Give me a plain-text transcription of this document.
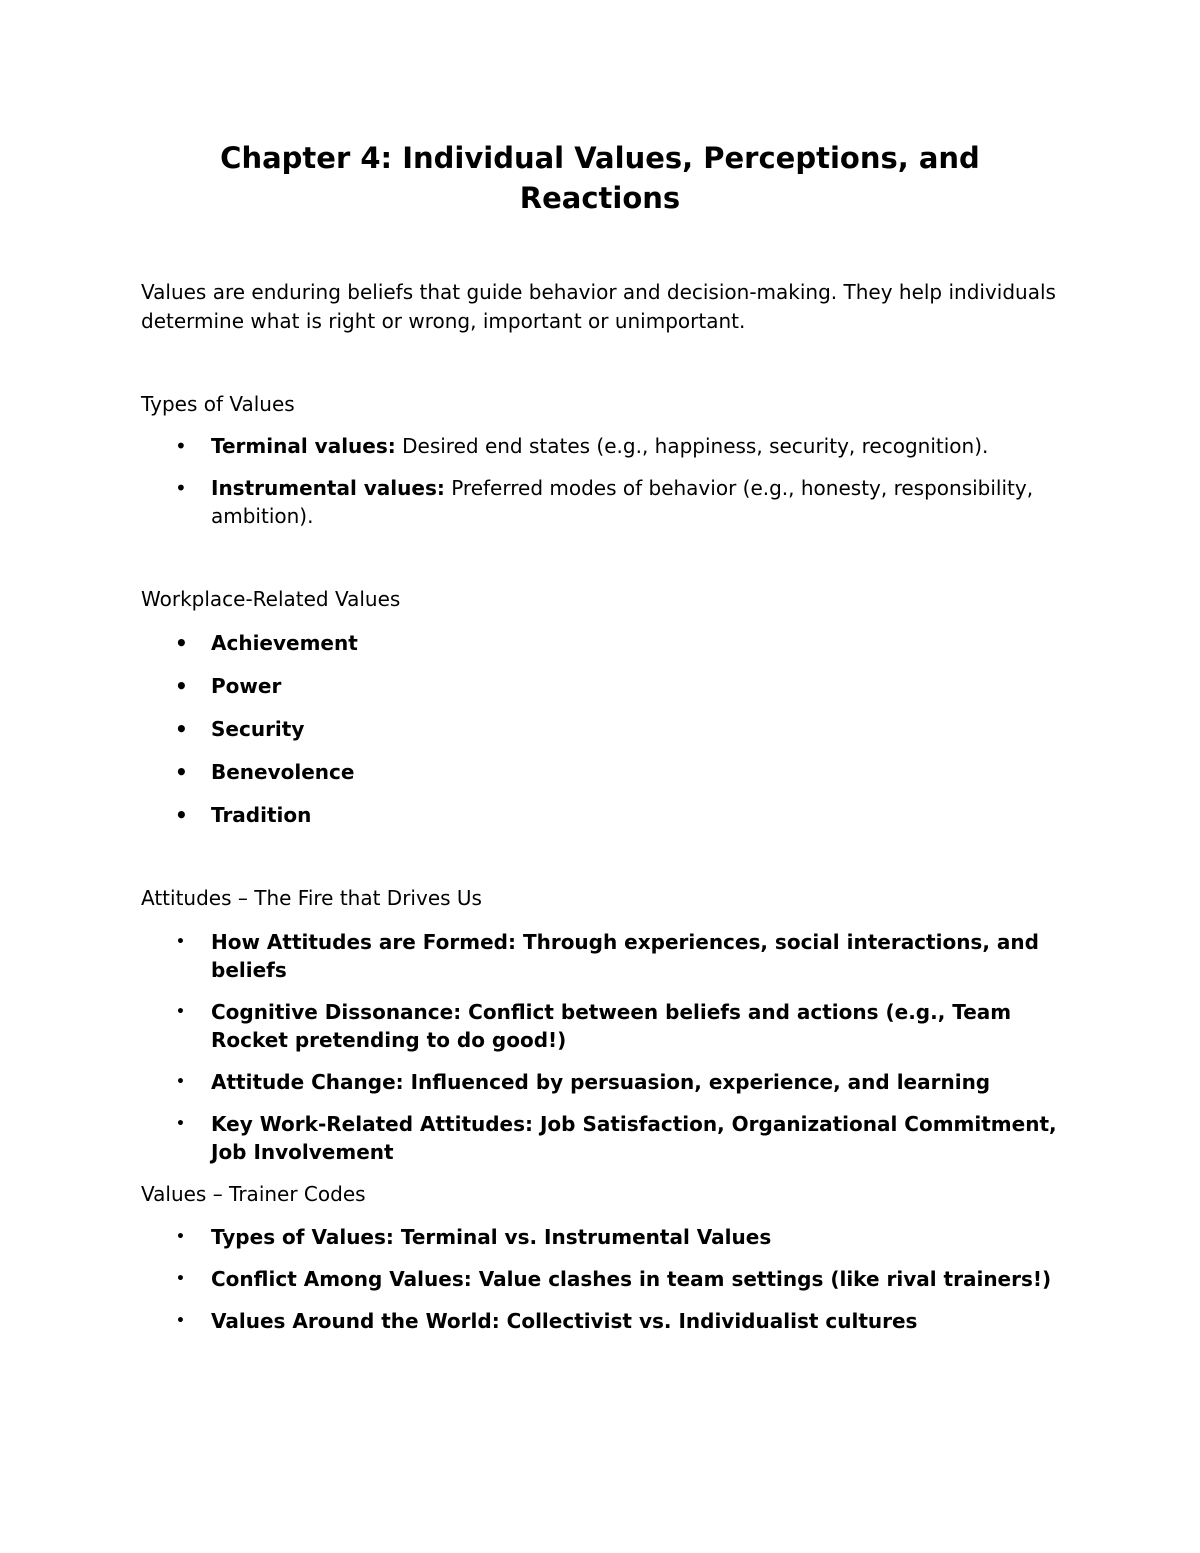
Chapter 4: Individual Values, Perceptions, and
Reactions

Values are enduring beliefs that guide behavior and decision-making. They help individuals determine what is right or wrong, important or unimportant.

Types of Values

• Terminal values: Desired end states (e.g., happiness, security, recognition).
• Instrumental values: Preferred modes of behavior (e.g., honesty, responsibility, ambition).

Workplace-Related Values

• Achievement
• Power
• Security
• Benevolence
• Tradition

Attitudes – The Fire that Drives Us

• How Attitudes are Formed: Through experiences, social interactions, and beliefs
• Cognitive Dissonance: Conflict between beliefs and actions (e.g., Team Rocket pretending to do good!)
• Attitude Change: Influenced by persuasion, experience, and learning
• Key Work-Related Attitudes: Job Satisfaction, Organizational Commitment, Job Involvement

Values – Trainer Codes

• Types of Values: Terminal vs. Instrumental Values
• Conflict Among Values: Value clashes in team settings (like rival trainers!)
• Values Around the World: Collectivist vs. Individualist cultures
